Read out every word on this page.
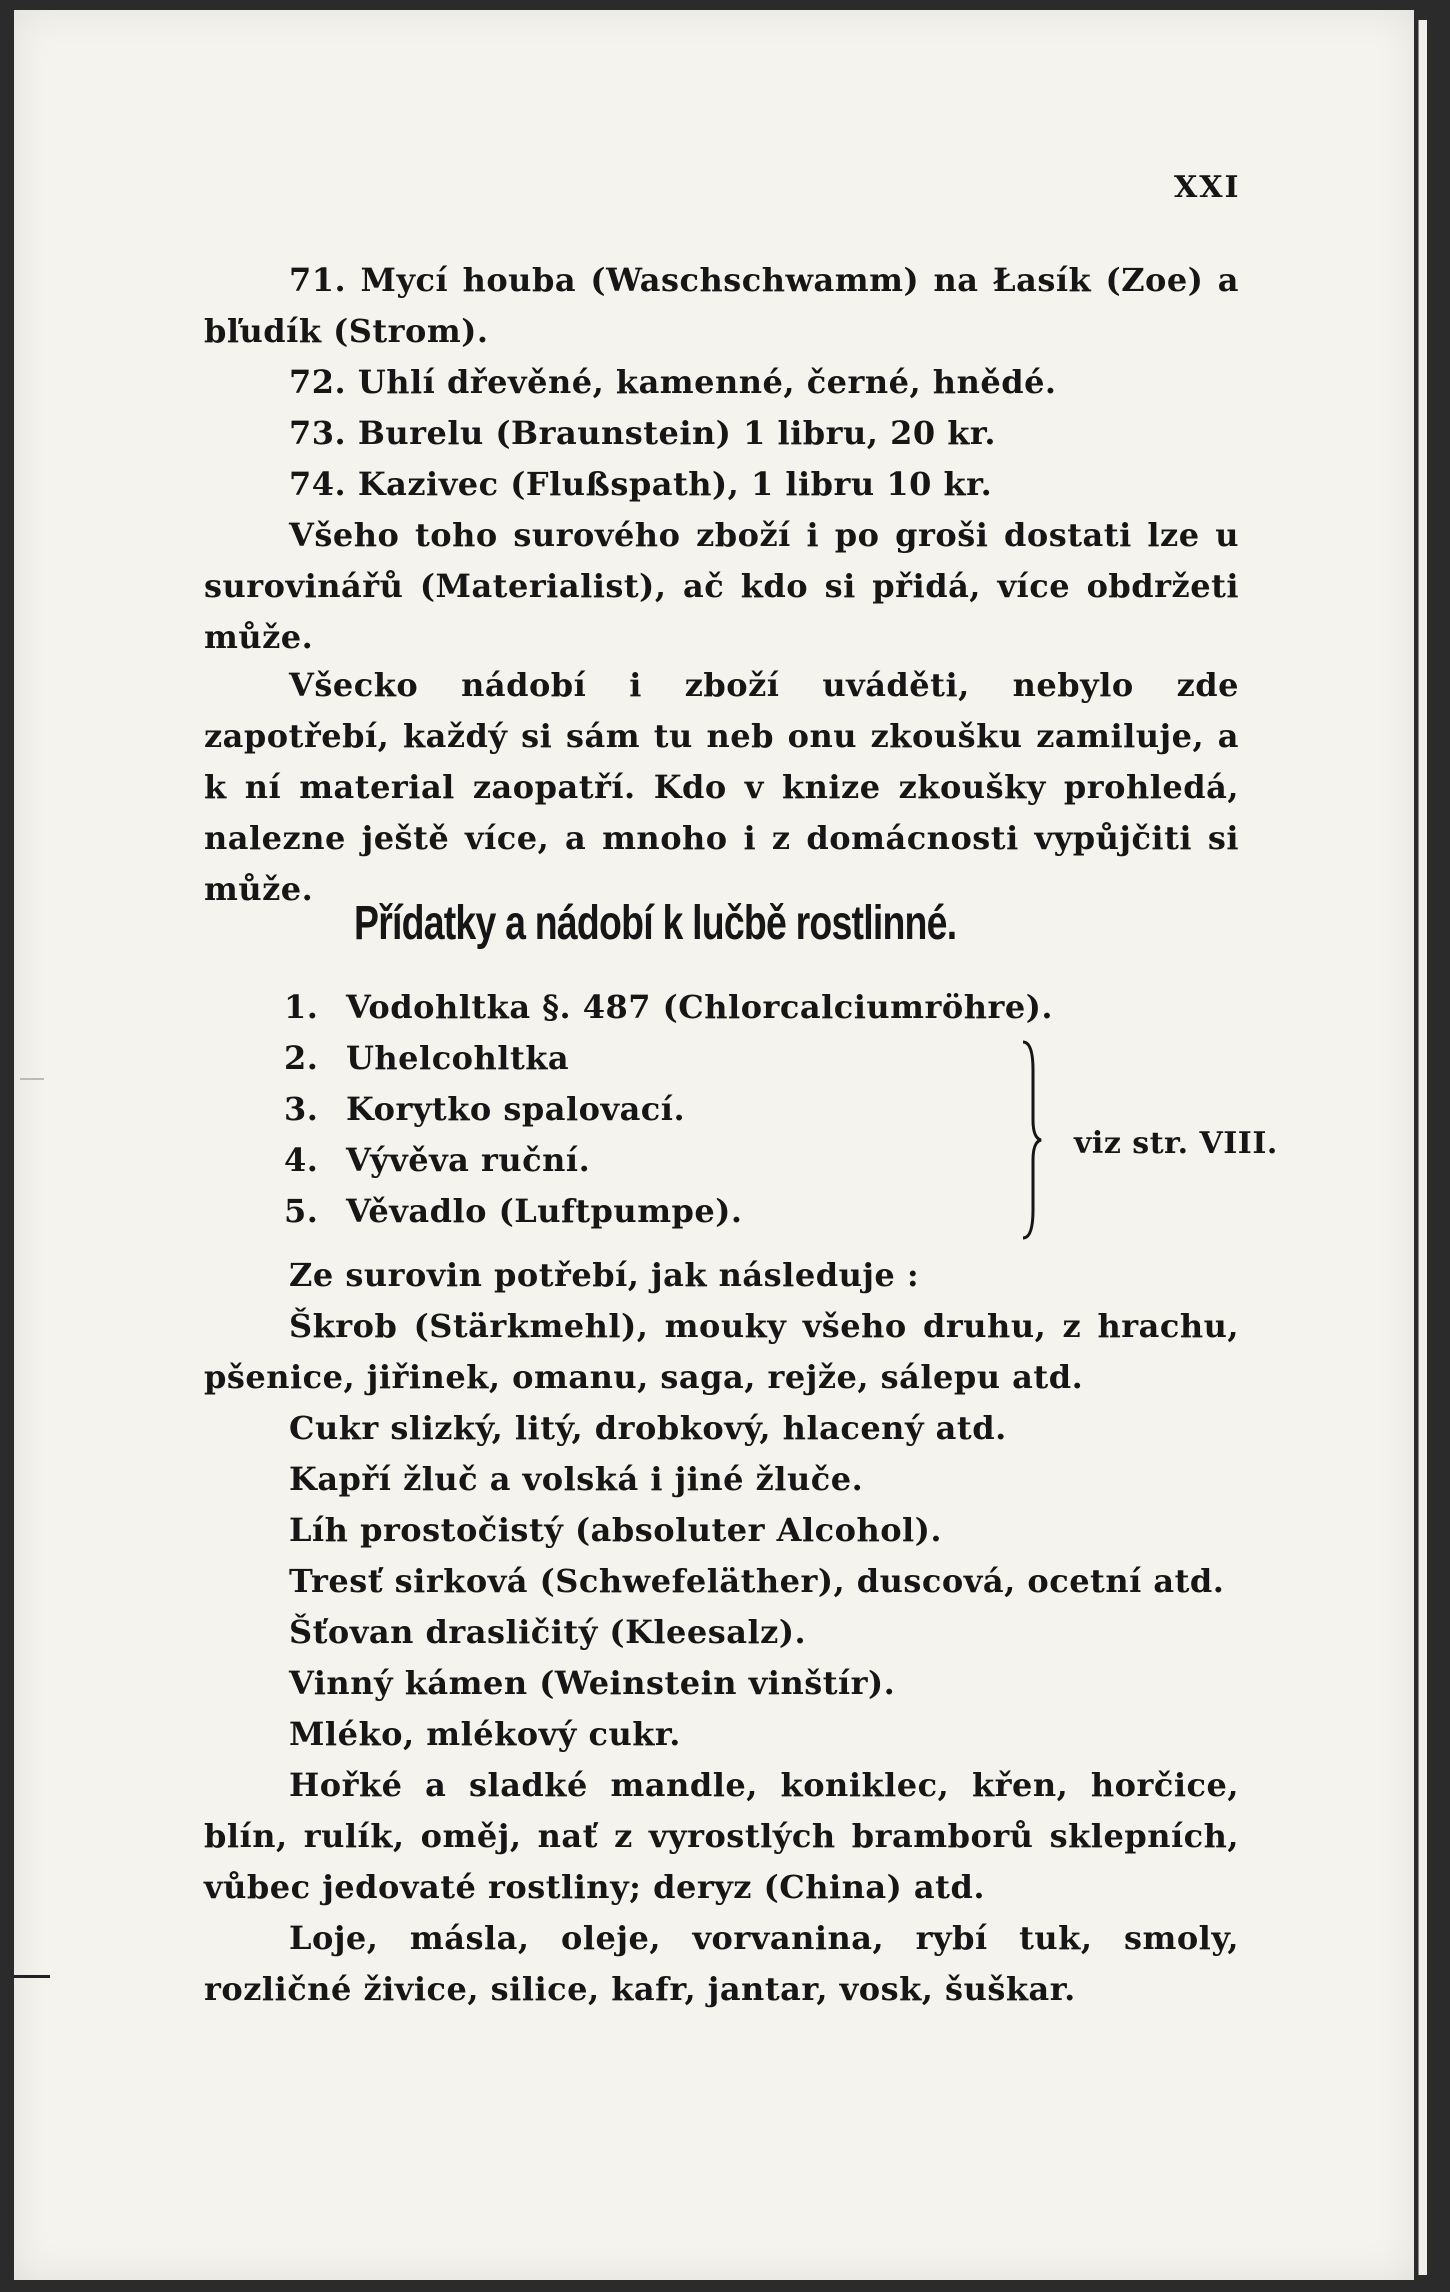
XXI

71. Mycí houba (Waschschwamm) na Łasík (Zoe) a bľudík (Strom).

72. Uhlí dřevěné, kamenné, černé, hnědé.

73. Burelu (Braunstein) 1 libru, 20 kr.

74. Kazivec (Flußspath), 1 libru 10 kr.

Všeho toho surového zboží i po groši dostati lze u surovinářů (Materialist), ač kdo si přidá, více obdržeti může.

Všecko nádobí i zboží uváděti, nebylo zde zapotřebí, každý si sám tu neb onu zkoušku zamiluje, a k ní material zaopatří. Kdo v knize zkoušky prohledá, nalezne ještě více, a mnoho i z domácnosti vypůjčiti si může.

Přídatky a nádobí k lučbě rostlinné.
1. Vodohltka §. 487 (Chlorcalciumröhre).
2. Uhelcohltka
3. Korytko spalovací.
4. Vývěva ruční.
5. Věvadlo (Luftpumpe).
viz str. VIII.

Ze surovin potřebí, jak následuje :

Škrob (Stärkmehl), mouky všeho druhu, z hrachu, pšenice, jiřinek, omanu, saga, rejže, sálepu atd.

Cukr slizký, litý, drobkový, hlacený atd.

Kapří žluč a volská i jiné žluče.

Líh prostočistý (absoluter Alcohol).

Tresť sirková (Schwefeläther), duscová, ocetní atd.

Šťovan drasličitý (Kleesalz).

Vinný kámen (Weinstein vinštír).

Mléko, mlékový cukr.

Hořké a sladké mandle, koniklec, křen, horčice, blín, rulík, oměj, nať z vyrostlých bramborů sklepních, vůbec jedovaté rostliny; deryz (China) atd.

Loje, másla, oleje, vorvanina, rybí tuk, smoly, rozličné živice, silice, kafr, jantar, vosk, šuškar.
